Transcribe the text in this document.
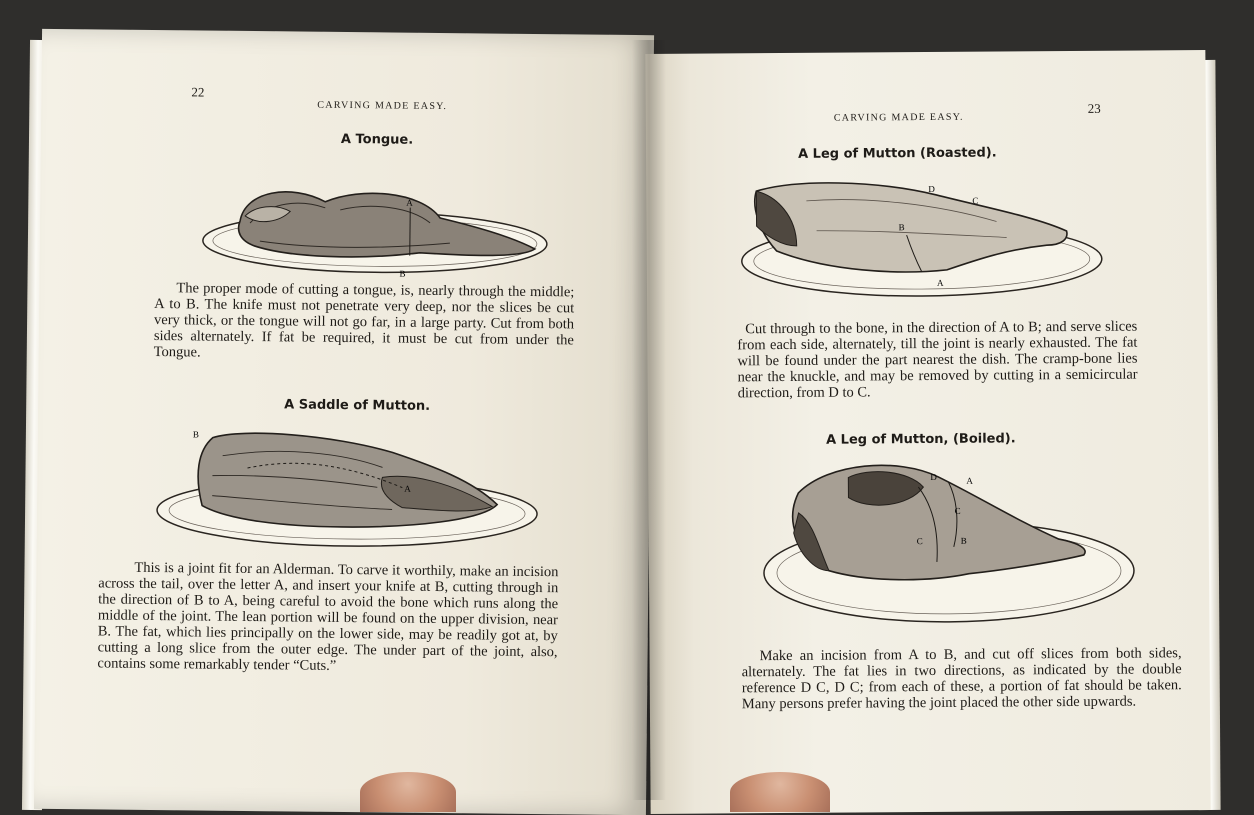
22
CARVING MADE EASY.
A Tongue.
A
B

The proper mode of cutting a tongue, is, nearly through the middle; A to B. The knife must not penetrate very deep, nor the slices be cut very thick, or the tongue will not go far, in a large party. Cut from both sides alternately. If fat be required, it must be cut from under the Tongue.

A Saddle of Mutton.
B
A

This is a joint fit for an Alderman. To carve it worthily, make an incision across the tail, over the letter A, and insert your knife at B, cutting through in the direction of B to A, being careful to avoid the bone which runs along the middle of the joint. The lean portion will be found on the upper division, near B. The fat, which lies principally on the lower side, may be readily got at, by cutting a long slice from the outer edge. The under part of the joint, also, contains some remarkably tender “Cuts.”

23
CARVING MADE EASY.
A Leg of Mutton (Roasted).
D
C
B
A

Cut through to the bone, in the direction of A to B; and serve slices from each side, alternately, till the joint is nearly exhausted. The fat will be found under the part nearest the dish. The cramp-bone lies near the knuckle, and may be removed by cutting in a semicircular direction, from D to C.

A Leg of Mutton, (Boiled).
D	A
C
C	B

Make an incision from A to B, and cut off slices from both sides, alternately. The fat lies in two directions, as indicated by the double reference D C, D C; from each of these, a portion of fat should be taken. Many persons prefer having the joint placed the other side upwards.
